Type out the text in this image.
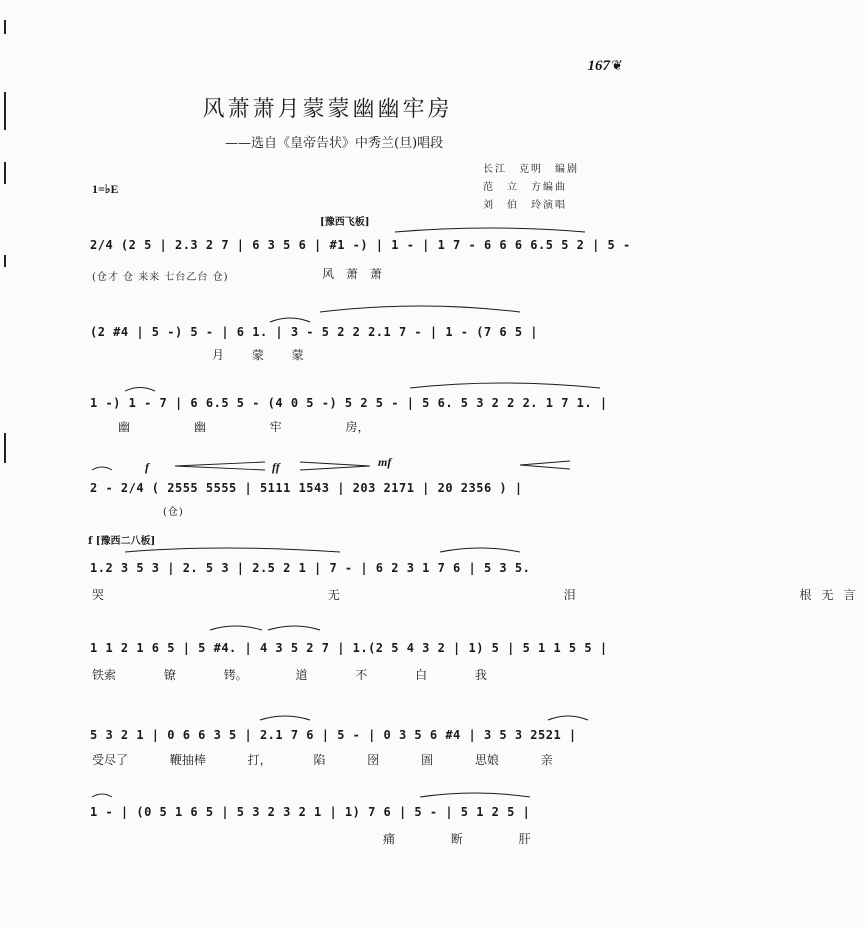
167 ❦
风萧萧月蒙蒙幽幽牢房
——选自《皇帝告状》中秀兰(旦)唱段
长江　克明　编剧
范　立　方编曲
刘　伯　玲演唱
1=♭E
[豫西飞板]
2/4 (2 5 | 2.3 2 7 | 6 3 5 6 | #1 -) | 1 - | 1 7 - 6 6 6 6.5 5 2 | 5 -
(仓才 仓 来来 七台乙台 仓)	风萧萧
(2 #4 | 5 -) 5 - | 6 1. | 3 - 5 2 2 2.1 7 - | 1 - (7 6 5 |
月 蒙 蒙
1 -) 1 - 7 | 6 6.5 5 - (4 0 5 -) 5 2 5 - | 5 6. 5 3 2 2 2. 1 7 1. |
幽 幽 牢 房，
f	ff	mf
2 - 2/4 ( 2555 5555 | 5111 1543 | 203 2171 | 20 2356 ) |
(仓)
f [豫西二八板]
1.2 3 5 3 | 2. 5 3 | 2.5 2 1 | 7 - | 6 2 3 1 7 6 | 5 3 5.
哭 无 泪 根无言
1 1 2 1 6 5 | 5 #4. | 4 3 5 2 7 | 1.(2 5 4 3 2 | 1) 5 | 5 1 1 5 5 |
铁索 镣 铐。 道 不 白 我
5 3 2 1 | 0 6 6 3 5 | 2.1 7 6 | 5 - | 0 3 5 6 #4 | 3 5 3 2521 |
受尽了 鞭抽棒 打， 陷 囹 圄 思娘 亲
1 - | (0 5 1 6 5 | 5 3 2 3 2 1 | 1) 7 6 | 5 - | 5 1 2 5 |
痛 断 肝
